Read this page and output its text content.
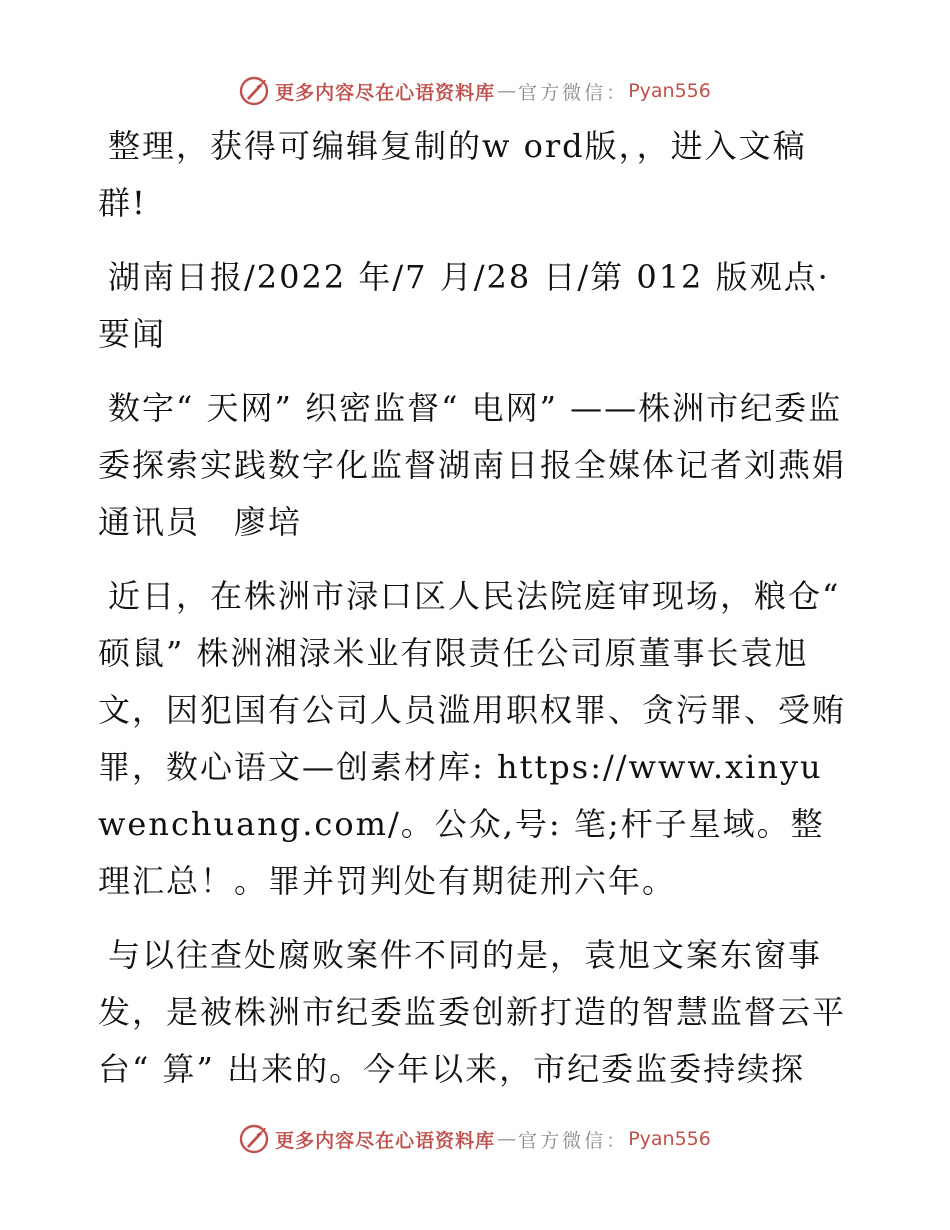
更多内容尽在心语资料库 — 官方微信： Pyan556

整理，获得可编辑复制的w ord版，，进入文稿群!

湖南日报/2022 年/7 月/28 日/第 012 版观点·要闻

数字“ 天网” 织密监督“ 电网” ——株洲市纪委监委探索实践数字化监督湖南日报全媒体记者刘燕娟　通讯员　廖培

近日，在株洲市渌口区人民法院庭审现场，粮仓“ 硕鼠” 株洲湘渌米业有限责任公司原董事长袁旭文，因犯国有公司人员滥用职权罪、贪污罪、受贿罪，数心语文—创素材库: https://www.xinyuwenchuang.com/。公众,号: 笔;杆子星域。整理汇总！。罪并罚判处有期徒刑六年。

与以往查处腐败案件不同的是，袁旭文案东窗事发，是被株洲市纪委监委创新打造的智慧监督云平台“ 算” 出来的。今年以来，市纪委监委持续探

更多内容尽在心语资料库 — 官方微信： Pyan556
